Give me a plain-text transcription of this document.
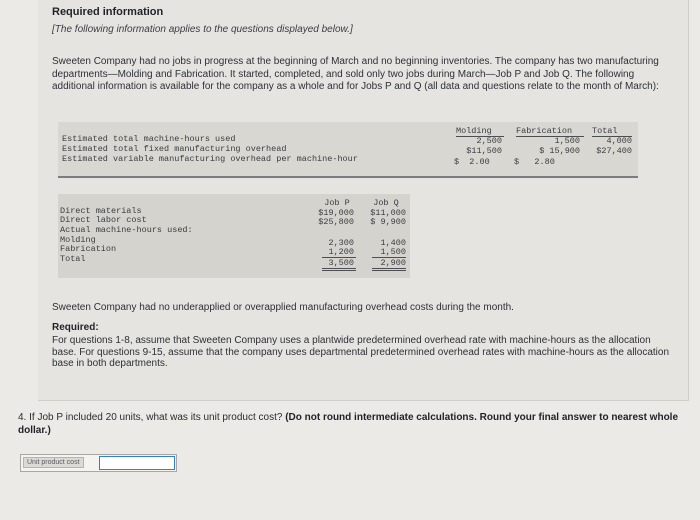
Required information
[The following information applies to the questions displayed below.]
Sweeten Company had no jobs in progress at the beginning of March and no beginning inventories. The company has two manufacturing departments—Molding and Fabrication. It started, completed, and sold only two jobs during March—Job P and Job Q. The following additional information is available for the company as a whole and for Jobs P and Q (all data and questions relate to the month of March):
Molding	Fabrication	Total
Estimated total machine-hours used	2,500	1,500	4,000
Estimated total fixed manufacturing overhead	$11,500	$ 15,900	$27,400
Estimated variable manufacturing overhead per machine-hour	$  2.00	$   2.80
Job P	Job Q
Direct materials	$19,000	$11,000
Direct labor cost	$25,800	$ 9,900
Actual machine-hours used:
Molding	2,300	1,400
Fabrication	1,200	1,500
Total	3,500	2,900
Sweeten Company had no underapplied or overapplied manufacturing overhead costs during the month.
Required:
For questions 1-8, assume that Sweeten Company uses a plantwide predetermined overhead rate with machine-hours as the allocation base. For questions 9-15, assume that the company uses departmental predetermined overhead rates with machine-hours as the allocation base in both departments.
4. If Job P included 20 units, what was its unit product cost? (Do not round intermediate calculations. Round your final answer to nearest whole dollar.)
Unit product cost
